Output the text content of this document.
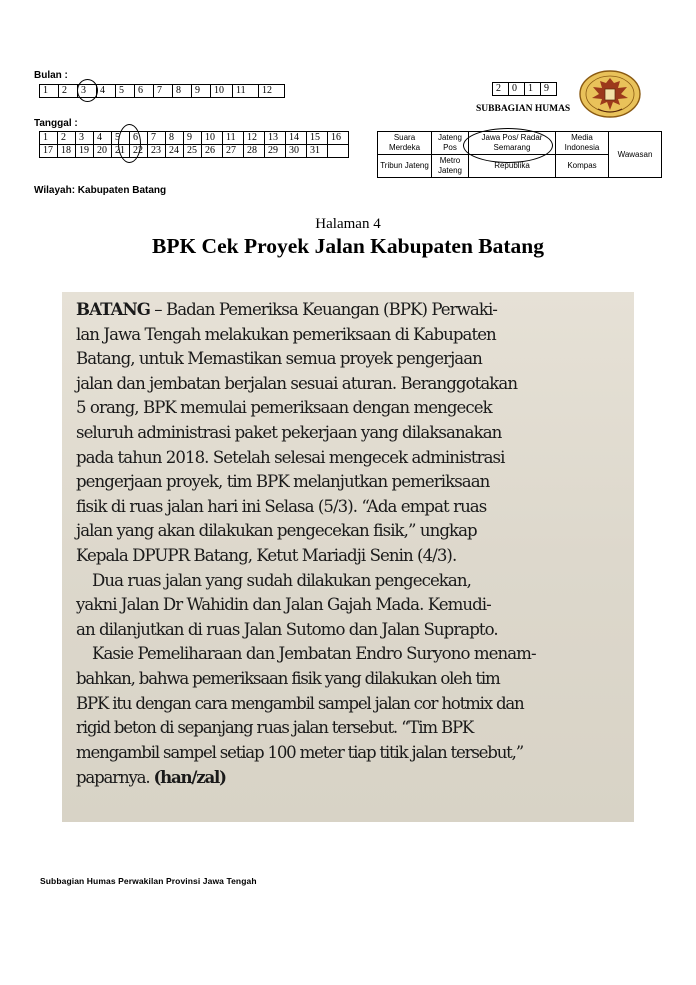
Bulan :
1	2	3	4	5	6	7	8	9	10	11	12	2	0	1	9
SUBBAGIAN HUMAS
Tanggal :
1	2	3	4	5	6	7	8	9	10	11	12	13	14	15	16
17	18	19	20	21	22	23	24	25	26	27	28	29	30	31	
Suara Merdeka	Jateng Pos	Jawa Pos/ Radar Semarang	Media Indonesia	Wawasan
Tribun Jateng	Metro Jateng	Republika	Kompas	
Wilayah: Kabupaten Batang
Halaman 4
BPK Cek Proyek Jalan Kabupaten Batang

BATANG – Badan Pemeriksa Keuangan (BPK) Perwaki-
lan Jawa Tengah melakukan pemeriksaan di Kabupaten
Batang, untuk Memastikan semua proyek pengerjaan
jalan dan jembatan berjalan sesuai aturan. Beranggotakan
5 orang, BPK memulai pemeriksaan dengan mengecek
seluruh administrasi paket pekerjaan yang dilaksanakan
pada tahun 2018. Setelah selesai mengecek administrasi
pengerjaan proyek, tim BPK melanjutkan pemeriksaan
fisik di ruas jalan hari ini Selasa (5/3). “Ada empat ruas
jalan yang akan dilakukan pengecekan fisik,” ungkap
Kepala DPUPR Batang, Ketut Mariadji Senin (4/3).

Dua ruas jalan yang sudah dilakukan pengecekan,
yakni Jalan Dr Wahidin dan Jalan Gajah Mada. Kemudi-
an dilanjutkan di ruas Jalan Sutomo dan Jalan Suprapto.

Kasie Pemeliharaan dan Jembatan Endro Suryono menam-

bahkan, bahwa pemeriksaan fisik yang dilakukan oleh tim
BPK itu dengan cara mengambil sampel jalan cor hotmix dan
rigid beton di sepanjang ruas jalan tersebut. “Tim BPK
mengambil sampel setiap 100 meter tiap titik jalan tersebut,”
paparnya. (han/zal)

Subbagian Humas Perwakilan Provinsi Jawa Tengah
